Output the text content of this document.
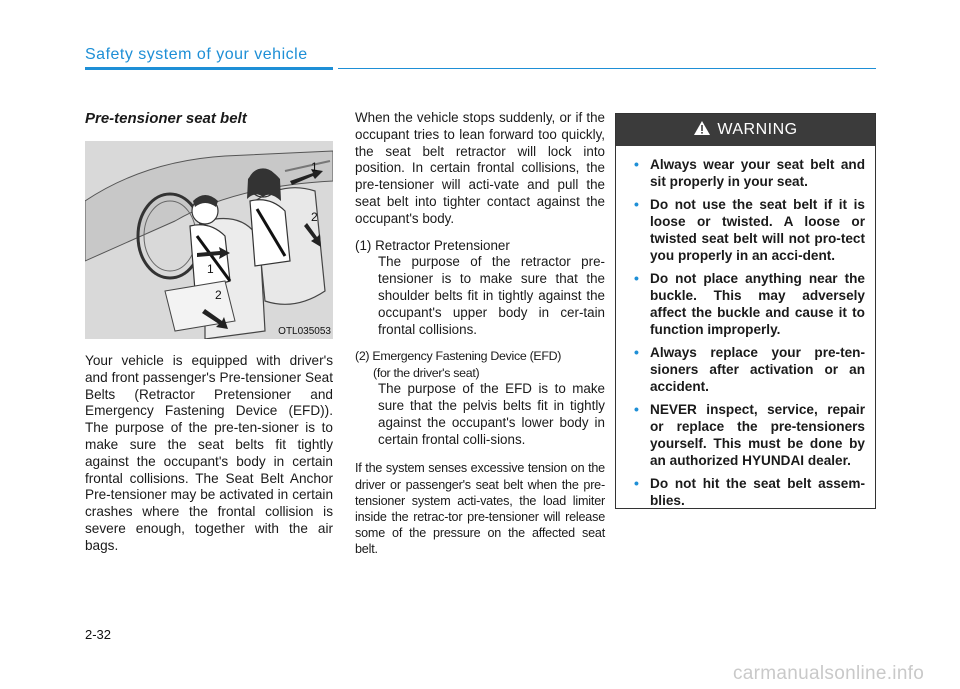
Safety system of your vehicle
Pre-tensioner seat belt
1
2
1
2
OTL035053

Your vehicle is equipped with driver's and front passenger's Pre-tensioner Seat Belts (Retractor Pretensioner and Emergency Fastening Device (EFD)). The purpose of the pre-ten-sioner is to make sure the seat belts fit tightly against the occupant's body in certain frontal collisions. The Seat Belt Anchor Pre-tensioner may be activated in certain crashes where the frontal collision is severe enough, together with the air bags.

When the vehicle stops suddenly, or if the occupant tries to lean forward too quickly, the seat belt retractor will lock into position. In certain frontal collisions, the pre-tensioner will acti-vate and pull the seat belt into tighter contact against the occupant's body.

(1) Retractor Pretensioner

The purpose of the retractor pre-tensioner is to make sure that the shoulder belts fit in tightly against the occupant's upper body in cer-tain frontal collisions.

(2) Emergency Fastening Device (EFD)
(for the driver's seat)

The purpose of the EFD is to make sure that the pelvis belts fit in tightly against the occupant's lower body in certain frontal colli-sions.

If the system senses excessive tension on the driver or passenger's seat belt when the pre-tensioner system acti-vates, the load limiter inside the retrac-tor pre-tensioner will release some of the pressure on the affected seat belt.

WARNING
• Always wear your seat belt and sit properly in your seat.
• Do not use the seat belt if it is loose or twisted. A loose or twisted seat belt will not pro-tect you properly in an acci-dent.
• Do not place anything near the buckle. This may adversely affect the buckle and cause it to function improperly.
• Always replace your pre-ten-sioners after activation or an accident.
• NEVER inspect, service, repair or replace the pre-tensioners yourself. This must be done by an authorized HYUNDAI dealer.
• Do not hit the seat belt assem-blies.
2-32
carmanualsonline.info
